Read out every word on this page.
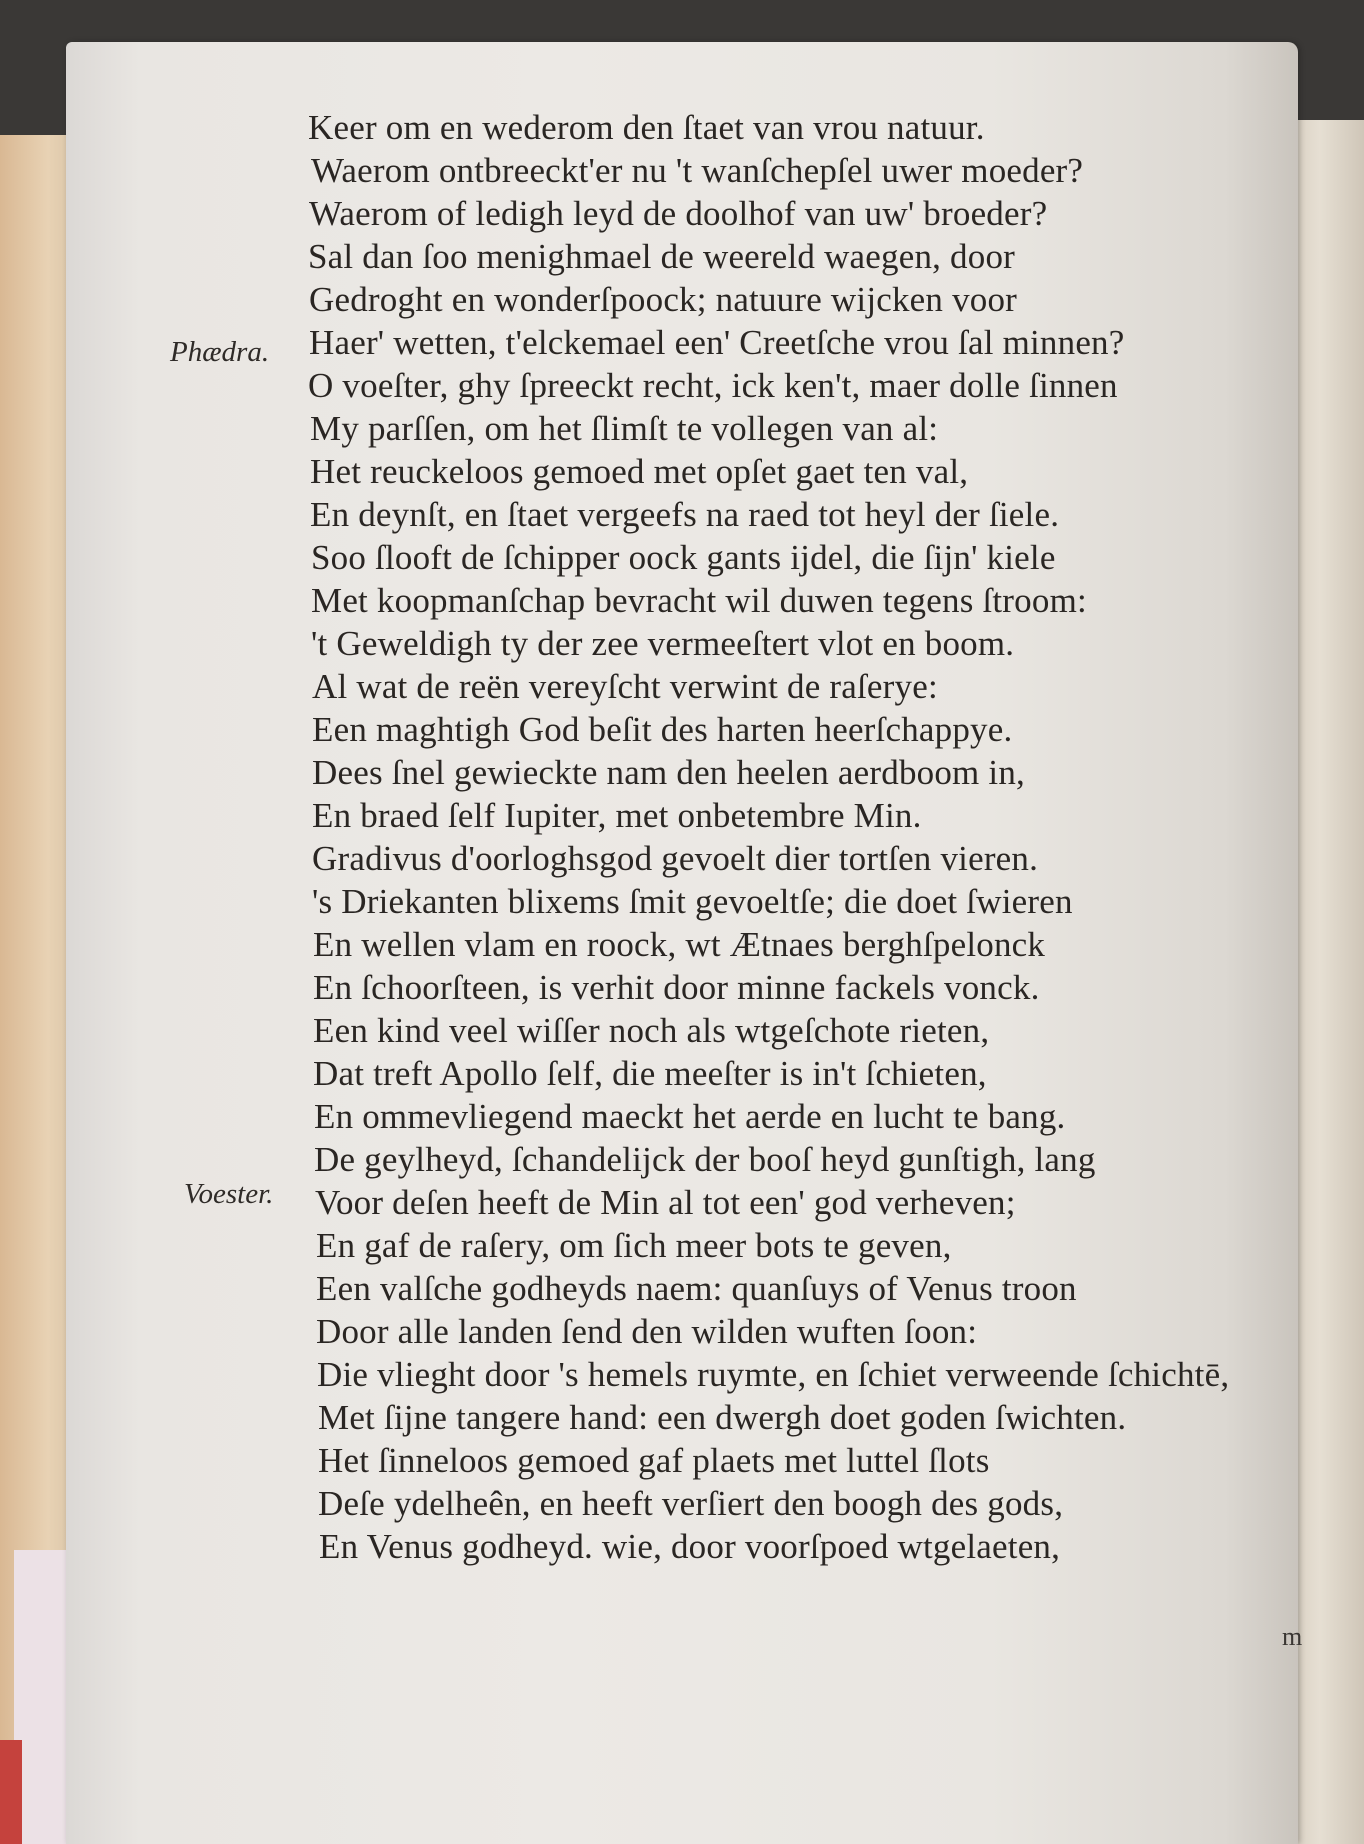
Phædra.
Voester.
Keer om en wederom den ſtaet van vrou natuur.
Waerom ontbreeckt'er nu 't wanſchepſel uwer moeder?
Waerom of ledigh leyd de doolhof van uw' broeder?
Sal dan ſoo menighmael de weereld waegen, door
Gedroght en wonderſpoock; natuure wijcken voor
Haer' wetten, t'elckemael een' Creetſche vrou ſal minnen?
O voeſter, ghy ſpreeckt recht, ick ken't, maer dolle ſinnen
My parſſen, om het ſlimſt te vollegen van al:
Het reuckeloos gemoed met opſet gaet ten val,
En deynſt, en ſtaet vergeefs na raed tot heyl der ſiele.
Soo ſlooft de ſchipper oock gants ijdel, die ſijn' kiele
Met koopmanſchap bevracht wil duwen tegens ſtroom:
't Geweldigh ty der zee vermeeſtert vlot en boom.
Al wat de reën vereyſcht verwint de raſerye:
Een maghtigh God beſit des harten heerſchappye.
Dees ſnel gewieckte nam den heelen aerdboom in,
En braed ſelf Iupiter, met onbetembre Min.
Gradivus d'oorloghsgod gevoelt dier tortſen vieren.
's Driekanten blixems ſmit gevoeltſe; die doet ſwieren
En wellen vlam en roock, wt Ætnaes berghſpelonck
En ſchoorſteen, is verhit door minne fackels vonck.
Een kind veel wiſſer noch als wtgeſchote rieten,
Dat treft Apollo ſelf, die meeſter is in't ſchieten,
En ommevliegend maeckt het aerde en lucht te bang.
De geylheyd, ſchandelijck der booſ heyd gunſtigh, lang
Voor deſen heeft de Min al tot een' god verheven;
En gaf de raſery, om ſich meer bots te geven,
Een valſche godheyds naem: quanſuys of Venus troon
Door alle landen ſend den wilden wuften ſoon:
Die vlieght door 's hemels ruymte, en ſchiet verweende ſchichtē,
Met ſijne tangere hand: een dwergh doet goden ſwichten.
Het ſinneloos gemoed gaf plaets met luttel ſlots
Deſe ydelheên, en heeft verſiert den boogh des gods,
En Venus godheyd. wie, door voorſpoed wtgelaeten,
m
